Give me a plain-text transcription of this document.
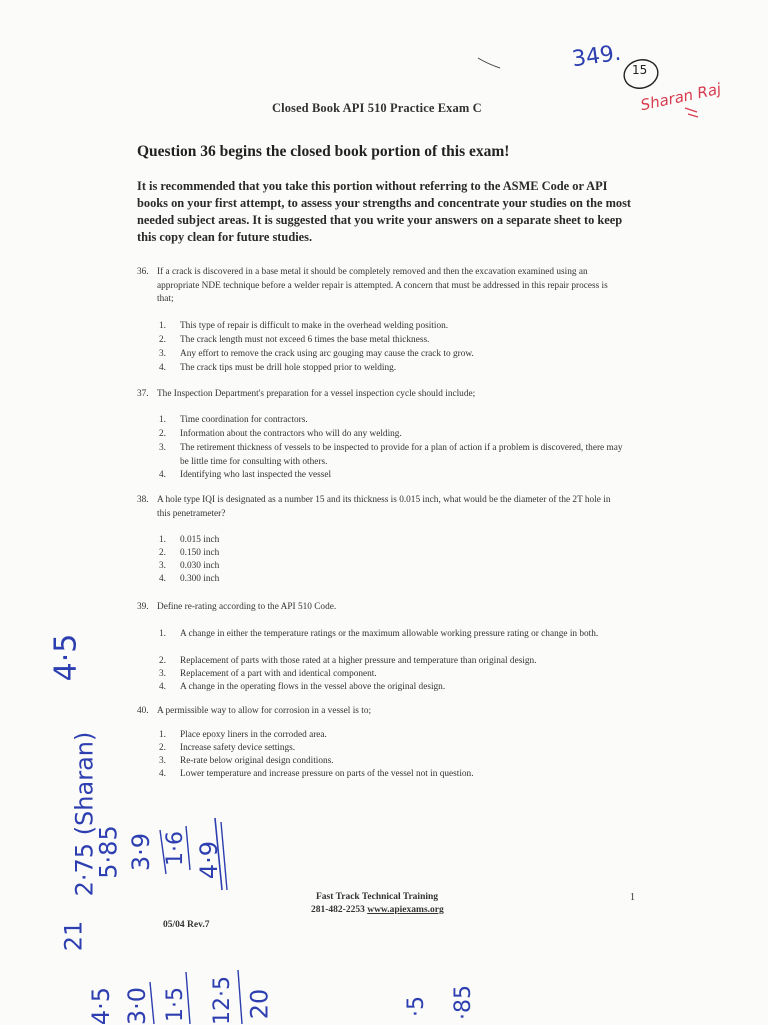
Closed Book API 510 Practice Exam C
Question 36 begins the closed book portion of this exam!
It is recommended that you take this portion without referring to the ASME Code or API books on your first attempt, to assess your strengths and concentrate your studies on the most needed subject areas. It is suggested that you write your answers on a separate sheet to keep this copy clean for future studies.
36. If a crack is discovered in a base metal it should be completely removed and then the excavation examined using an appropriate NDE technique before a welder repair is attempted. A concern that must be addressed in this repair process is that;
1. This type of repair is difficult to make in the overhead welding position.
2. The crack length must not exceed 6 times the base metal thickness.
3. Any effort to remove the crack using arc gouging may cause the crack to grow.
4. The crack tips must be drill hole stopped prior to welding.
37. The Inspection Department's preparation for a vessel inspection cycle should include;
1. Time coordination for contractors.
2. Information about the contractors who will do any welding.
3. The retirement thickness of vessels to be inspected to provide for a plan of action if a problem is discovered, there may be little time for consulting with others.
4. Identifying who last inspected the vessel
38. A hole type IQI is designated as a number 15 and its thickness is 0.015 inch, what would be the diameter of the 2T hole in this penetrameter?
1. 0.015 inch
2. 0.150 inch
3. 0.030 inch
4. 0.300 inch
39. Define re-rating according to the API 510 Code.
1. A change in either the temperature ratings or the maximum allowable working pressure rating or change in both.
2. Replacement of parts with those rated at a higher pressure and temperature than original design.
3. Replacement of a part with and identical component.
4. A change in the operating flows in the vessel above the original design.
40. A permissible way to allow for corrosion in a vessel is to;
1. Place epoxy liners in the corroded area.
2. Increase safety device settings.
3. Re-rate below original design conditions.
4. Lower temperature and increase pressure on parts of the vessel not in question.
Fast Track Technical Training
281-482-2253 www.apiexams.org
05/04 Rev.7
1
349. 15
Sharan Raj
4·5
2·75 (Sharan)
5·85 3·9 1·6 4·9
21
4·5 3·0 1·5 12·5 20	·5 ·85
